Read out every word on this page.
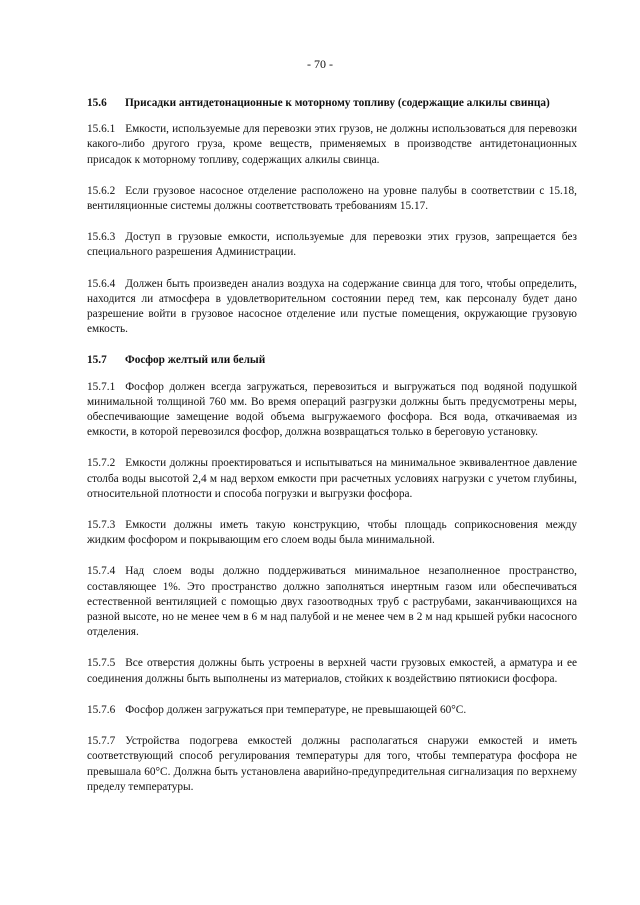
- 70 -
15.6	Присадки антидетонационные к моторному топливу (содержащие алкилы свинца)

15.6.1 Емкости, используемые для перевозки этих грузов, не должны использоваться для перевозки какого-либо другого груза, кроме веществ, применяемых в производстве антидетонационных присадок к моторному топливу, содержащих алкилы свинца.

15.6.2 Если грузовое насосное отделение расположено на уровне палубы в соответствии с 15.18, вентиляционные системы должны соответствовать требованиям 15.17.

15.6.3 Доступ в грузовые емкости, используемые для перевозки этих грузов, запрещается без специального разрешения Администрации.

15.6.4 Должен быть произведен анализ воздуха на содержание свинца для того, чтобы определить, находится ли атмосфера в удовлетворительном состоянии перед тем, как персоналу будет дано разрешение войти в грузовое насосное отделение или пустые помещения, окружающие грузовую емкость.

15.7	Фосфор желтый или белый

15.7.1 Фосфор должен всегда загружаться, перевозиться и выгружаться под водяной подушкой минимальной толщиной 760 мм. Во время операций разгрузки должны быть предусмотрены меры, обеспечивающие замещение водой объема выгружаемого фосфора. Вся вода, откачиваемая из емкости, в которой перевозился фосфор, должна возвращаться только в береговую установку.

15.7.2 Емкости должны проектироваться и испытываться на минимальное эквивалентное давление столба воды высотой 2,4 м над верхом емкости при расчетных условиях нагрузки с учетом глубины, относительной плотности и способа погрузки и выгрузки фосфора.

15.7.3 Емкости должны иметь такую конструкцию, чтобы площадь соприкосновения между жидким фосфором и покрывающим его слоем воды была минимальной.

15.7.4 Над слоем воды должно поддерживаться минимальное незаполненное пространство, составляющее 1%. Это пространство должно заполняться инертным газом или обеспечиваться естественной вентиляцией с помощью двух газоотводных труб с раструбами, заканчивающихся на разной высоте, но не менее чем в 6 м над палубой и не менее чем в 2 м над крышей рубки насосного отделения.

15.7.5 Все отверстия должны быть устроены в верхней части грузовых емкостей, а арматура и ее соединения должны быть выполнены из материалов, стойких к воздействию пятиокиси фосфора.

15.7.6 Фосфор должен загружаться при температуре, не превышающей 60°С.

15.7.7 Устройства подогрева емкостей должны располагаться снаружи емкостей и иметь соответствующий способ регулирования температуры для того, чтобы температура фосфора не превышала 60°С. Должна быть установлена аварийно-предупредительная сигнализация по верхнему пределу температуры.
